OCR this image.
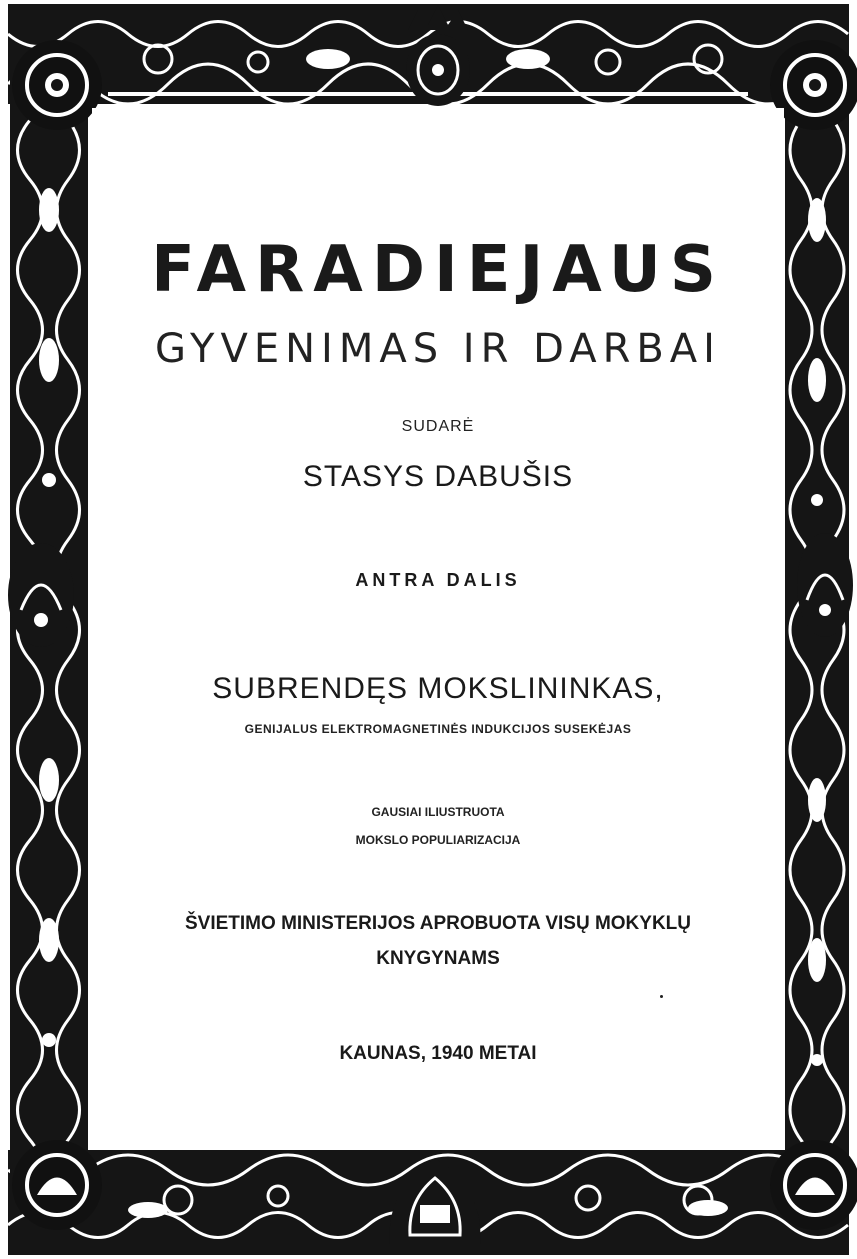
FARADIEJAUS
GYVENIMAS IR DARBAI
SUDARĖ
STASYS DABUŠIS
ANTRA DALIS
SUBRENDĘS MOKSLININKAS,
GENIJALUS ELEKTROMAGNETINĖS INDUKCIJOS SUSEKĖJAS
GAUSIAI ILIUSTRUOTA
MOKSLO POPULIARIZACIJA
ŠVIETIMO MINISTERIJOS APROBUOTA VISŲ MOKYKLŲ
KNYGYNAMS
KAUNAS, 1940 METAI
